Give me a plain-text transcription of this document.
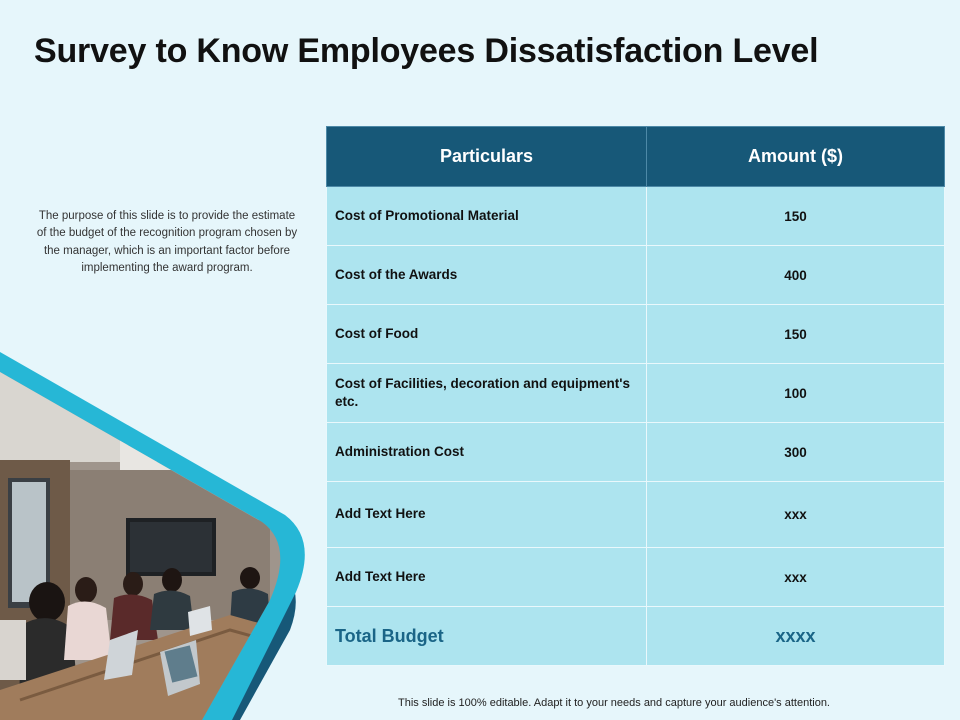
Survey to Know Employees Dissatisfaction Level
The purpose of this slide is to provide the estimate of the budget of the recognition program chosen by the manager, which is an important factor before implementing the award program.
Particulars	Amount ($)
Cost of Promotional Material	150
Cost of the Awards	400
Cost of Food	150
Cost of Facilities, decoration and equipment's etc.	100
Administration Cost	300
Add Text Here	xxx
Add Text Here	xxx
Total Budget	xxxx
This slide is 100% editable. Adapt it to your needs and capture your audience's attention.
